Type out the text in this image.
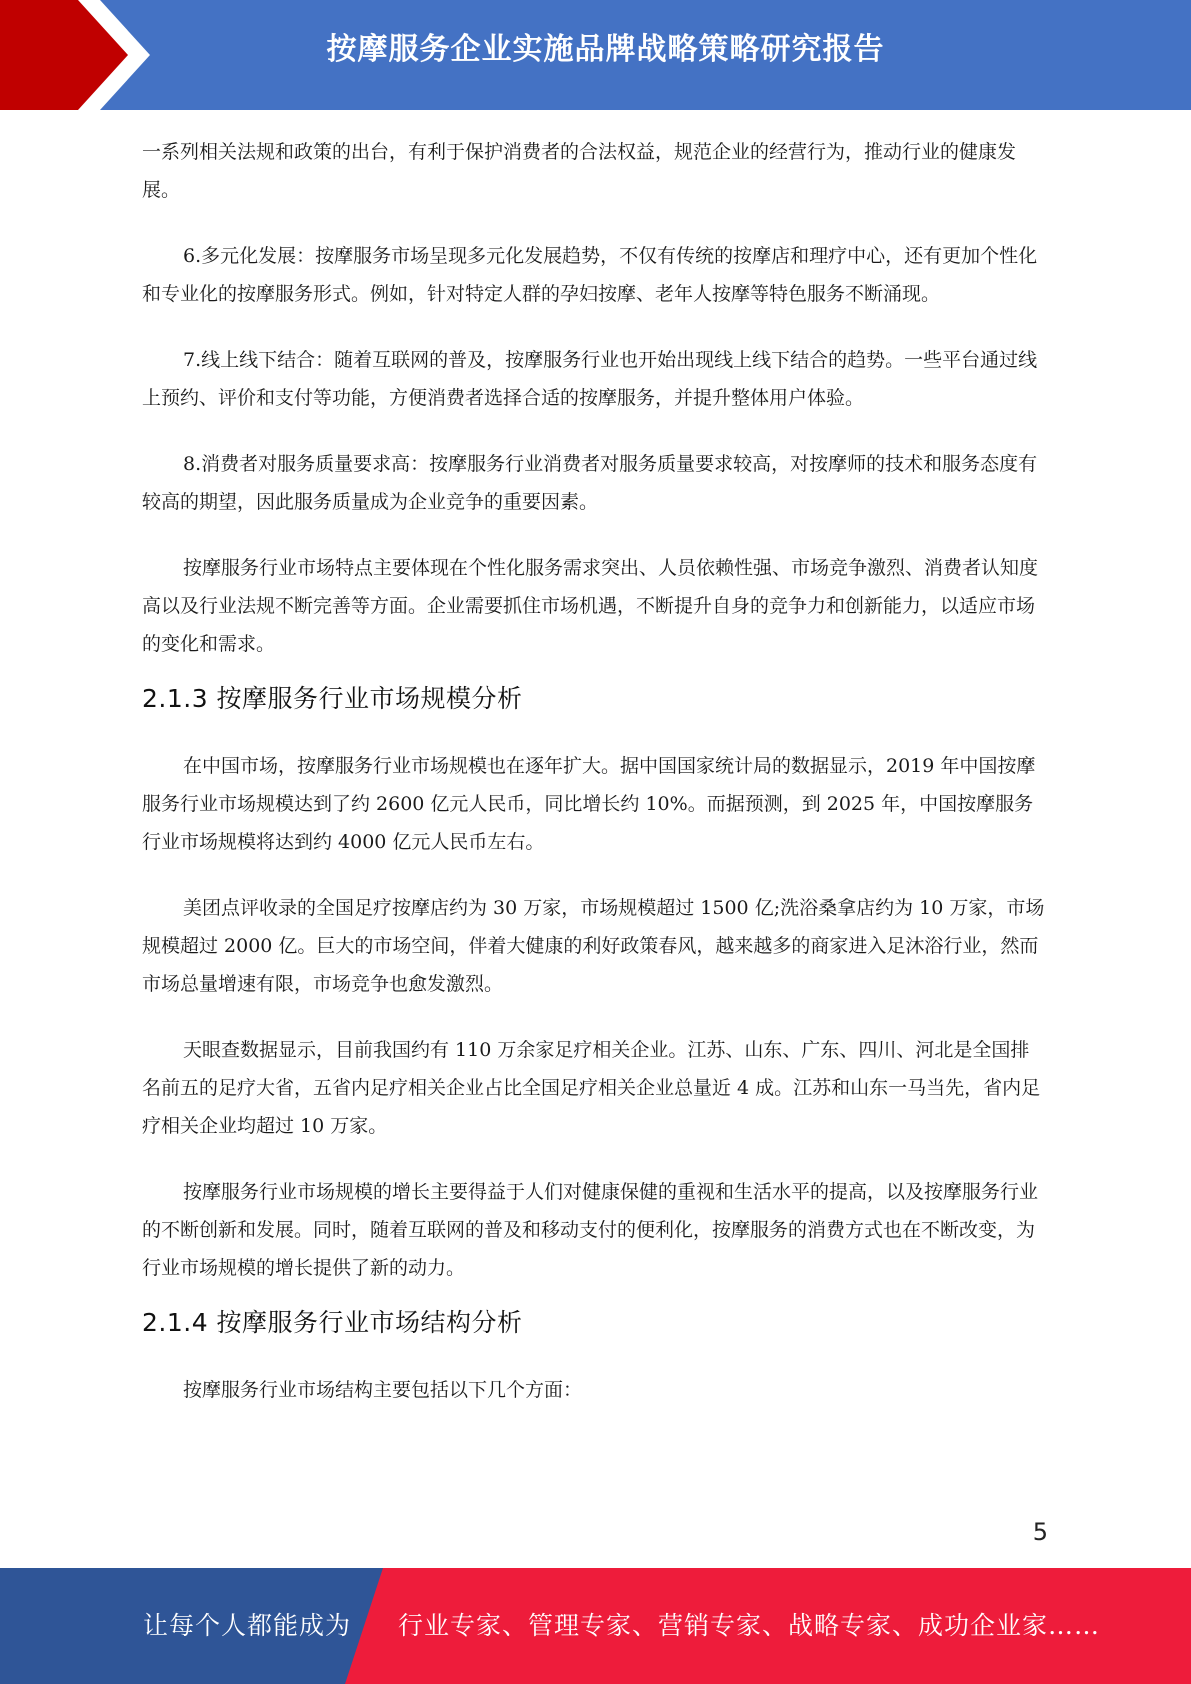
按摩服务企业实施品牌战略策略研究报告

一系列相关法规和政策的出台，有利于保护消费者的合法权益，规范企业的经营行为，推动行业的健康发展。

6.多元化发展：按摩服务市场呈现多元化发展趋势，不仅有传统的按摩店和理疗中心，还有更加个性化和专业化的按摩服务形式。例如，针对特定人群的孕妇按摩、老年人按摩等特色服务不断涌现。

7.线上线下结合：随着互联网的普及，按摩服务行业也开始出现线上线下结合的趋势。一些平台通过线上预约、评价和支付等功能，方便消费者选择合适的按摩服务，并提升整体用户体验。

8.消费者对服务质量要求高：按摩服务行业消费者对服务质量要求较高，对按摩师的技术和服务态度有较高的期望，因此服务质量成为企业竞争的重要因素。

按摩服务行业市场特点主要体现在个性化服务需求突出、人员依赖性强、市场竞争激烈、消费者认知度高以及行业法规不断完善等方面。企业需要抓住市场机遇，不断提升自身的竞争力和创新能力，以适应市场的变化和需求。

2.1.3 按摩服务行业市场规模分析

在中国市场，按摩服务行业市场规模也在逐年扩大。据中国国家统计局的数据显示，2019 年中国按摩服务行业市场规模达到了约 2600 亿元人民币，同比增长约 10%。而据预测，到 2025 年，中国按摩服务行业市场规模将达到约 4000 亿元人民币左右。

美团点评收录的全国足疗按摩店约为 30 万家，市场规模超过 1500 亿;洗浴桑拿店约为 10 万家，市场规模超过 2000 亿。巨大的市场空间，伴着大健康的利好政策春风，越来越多的商家进入足沐浴行业，然而市场总量增速有限，市场竞争也愈发激烈。

天眼查数据显示，目前我国约有 110 万余家足疗相关企业。江苏、山东、广东、四川、河北是全国排名前五的足疗大省，五省内足疗相关企业占比全国足疗相关企业总量近 4 成。江苏和山东一马当先，省内足疗相关企业均超过 10 万家。

按摩服务行业市场规模的增长主要得益于人们对健康保健的重视和生活水平的提高，以及按摩服务行业的不断创新和发展。同时，随着互联网的普及和移动支付的便利化，按摩服务的消费方式也在不断改变，为行业市场规模的增长提供了新的动力。

2.1.4 按摩服务行业市场结构分析

按摩服务行业市场结构主要包括以下几个方面：

5
让每个人都能成为 行业专家、管理专家、营销专家、战略专家、成功企业家……
